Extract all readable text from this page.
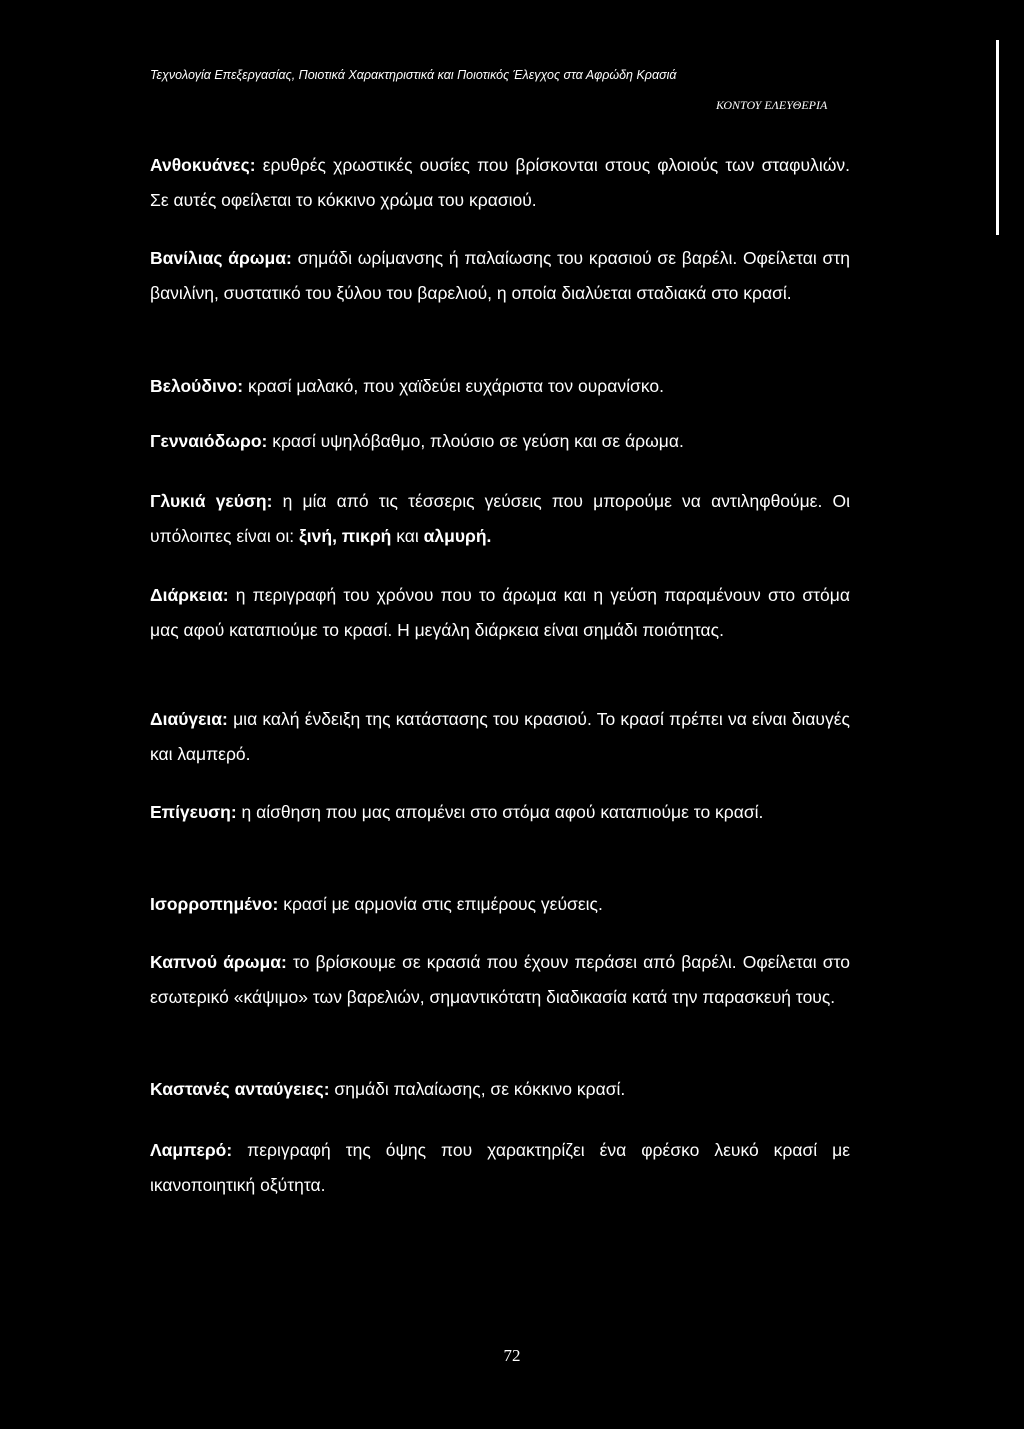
Τεχνολογία Επεξεργασίας, Ποιοτικά Χαρακτηριστικά και Ποιοτικός Έλεγχος στα Αφρώδη Κρασιά
ΚΟΝΤΟΥ ΕΛΕΥΘΕΡΙΑ

Ανθοκυάνες: ερυθρές χρωστικές ουσίες που βρίσκονται στους φλοιούς των σταφυλιών. Σε αυτές οφείλεται το κόκκινο χρώμα του κρασιού.

Βανίλιας άρωμα: σημάδι ωρίμανσης ή παλαίωσης του κρασιού σε βαρέλι. Οφείλεται στη βανιλίνη, συστατικό του ξύλου του βαρελιού, η οποία διαλύεται σταδιακά στο κρασί.

Βελούδινο: κρασί μαλακό, που χαϊδεύει ευχάριστα τον ουρανίσκο.

Γενναιόδωρο: κρασί υψηλόβαθμο, πλούσιο σε γεύση και σε άρωμα.

Γλυκιά γεύση: η μία από τις τέσσερις γεύσεις που μπορούμε να αντιληφθούμε. Οι υπόλοιπες είναι οι: ξινή, πικρή και αλμυρή.

Διάρκεια: η περιγραφή του χρόνου που το άρωμα και η γεύση παραμένουν στο στόμα μας αφού καταπιούμε το κρασί. Η μεγάλη διάρκεια είναι σημάδι ποιότητας.

Διαύγεια: μια καλή ένδειξη της κατάστασης του κρασιού. Το κρασί πρέπει να είναι διαυγές και λαμπερό.

Επίγευση: η αίσθηση που μας απομένει στο στόμα αφού καταπιούμε το κρασί.

Ισορροπημένο: κρασί με αρμονία στις επιμέρους γεύσεις.

Καπνού άρωμα: το βρίσκουμε σε κρασιά που έχουν περάσει από βαρέλι. Οφείλεται στο εσωτερικό «κάψιμο» των βαρελιών, σημαντικότατη διαδικασία κατά την παρασκευή τους.

Καστανές ανταύγειες: σημάδι παλαίωσης, σε κόκκινο κρασί.

Λαμπερό: περιγραφή της όψης που χαρακτηρίζει ένα φρέσκο λευκό κρασί με ικανοποιητική οξύτητα.

72
